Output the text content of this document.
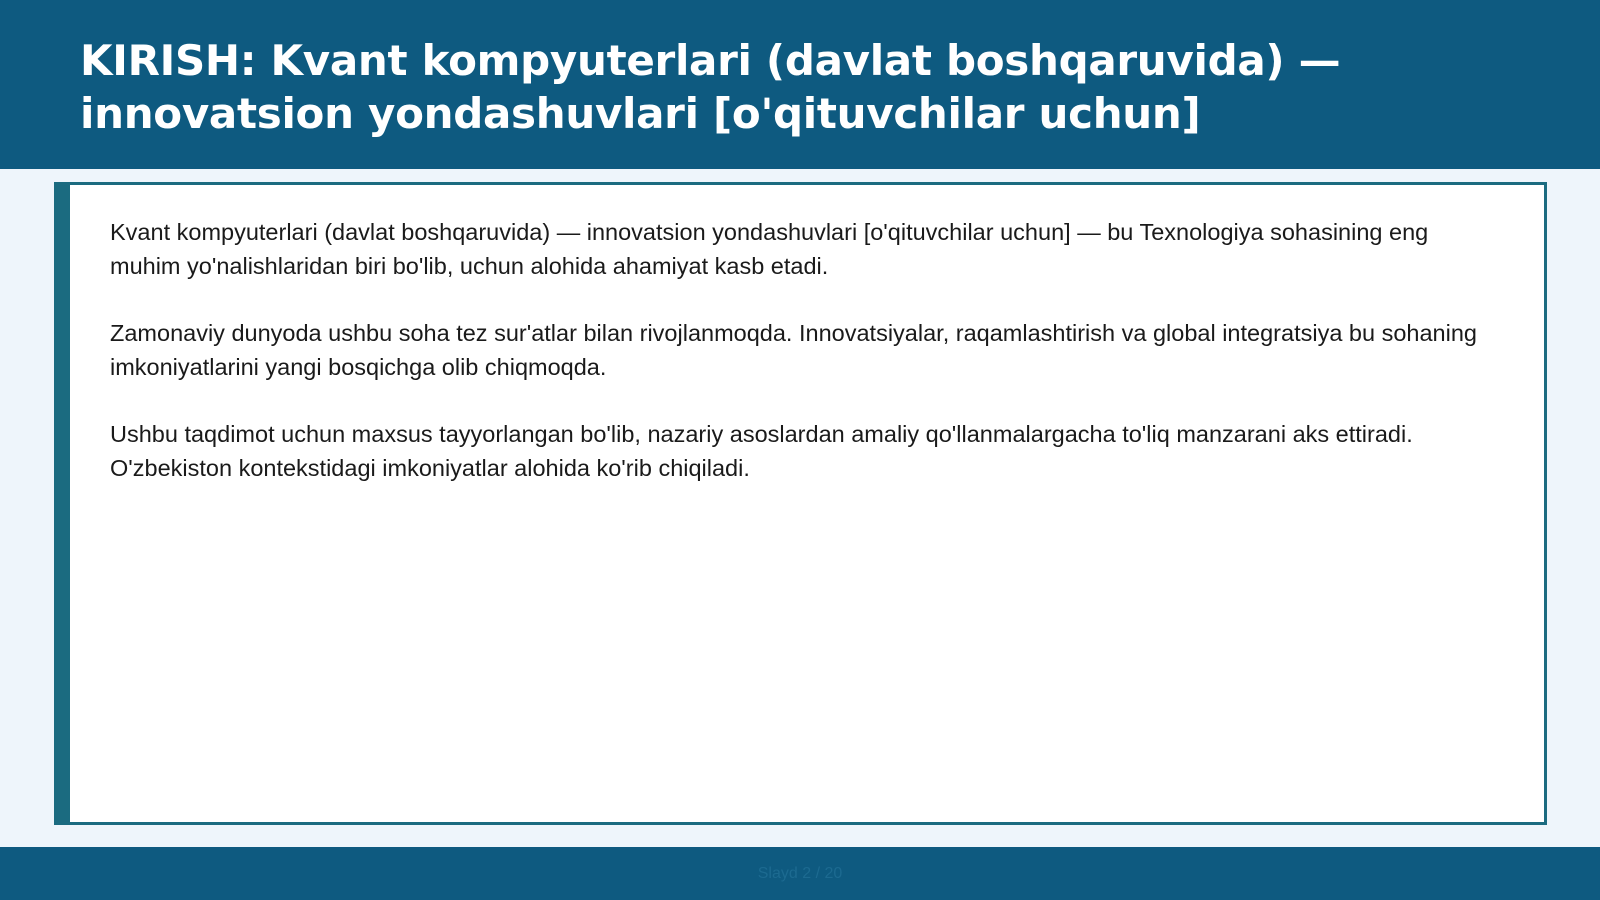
KIRISH: Kvant kompyuterlari (davlat boshqaruvida) — innovatsion yondashuvlari [o'qituvchilar uchun]

Kvant kompyuterlari (davlat boshqaruvida) — innovatsion yondashuvlari [o'qituvchilar uchun] — bu Texnologiya sohasining eng muhim yo'nalishlaridan biri bo'lib, uchun alohida ahamiyat kasb etadi.

Zamonaviy dunyoda ushbu soha tez sur'atlar bilan rivojlanmoqda. Innovatsiyalar, raqamlashtirish va global integratsiya bu sohaning imkoniyatlarini yangi bosqichga olib chiqmoqda.

Ushbu taqdimot uchun maxsus tayyorlangan bo'lib, nazariy asoslardan amaliy qo'llanmalargacha to'liq manzarani aks ettiradi. O'zbekiston kontekstidagi imkoniyatlar alohida ko'rib chiqiladi.

Slayd 2 / 20
